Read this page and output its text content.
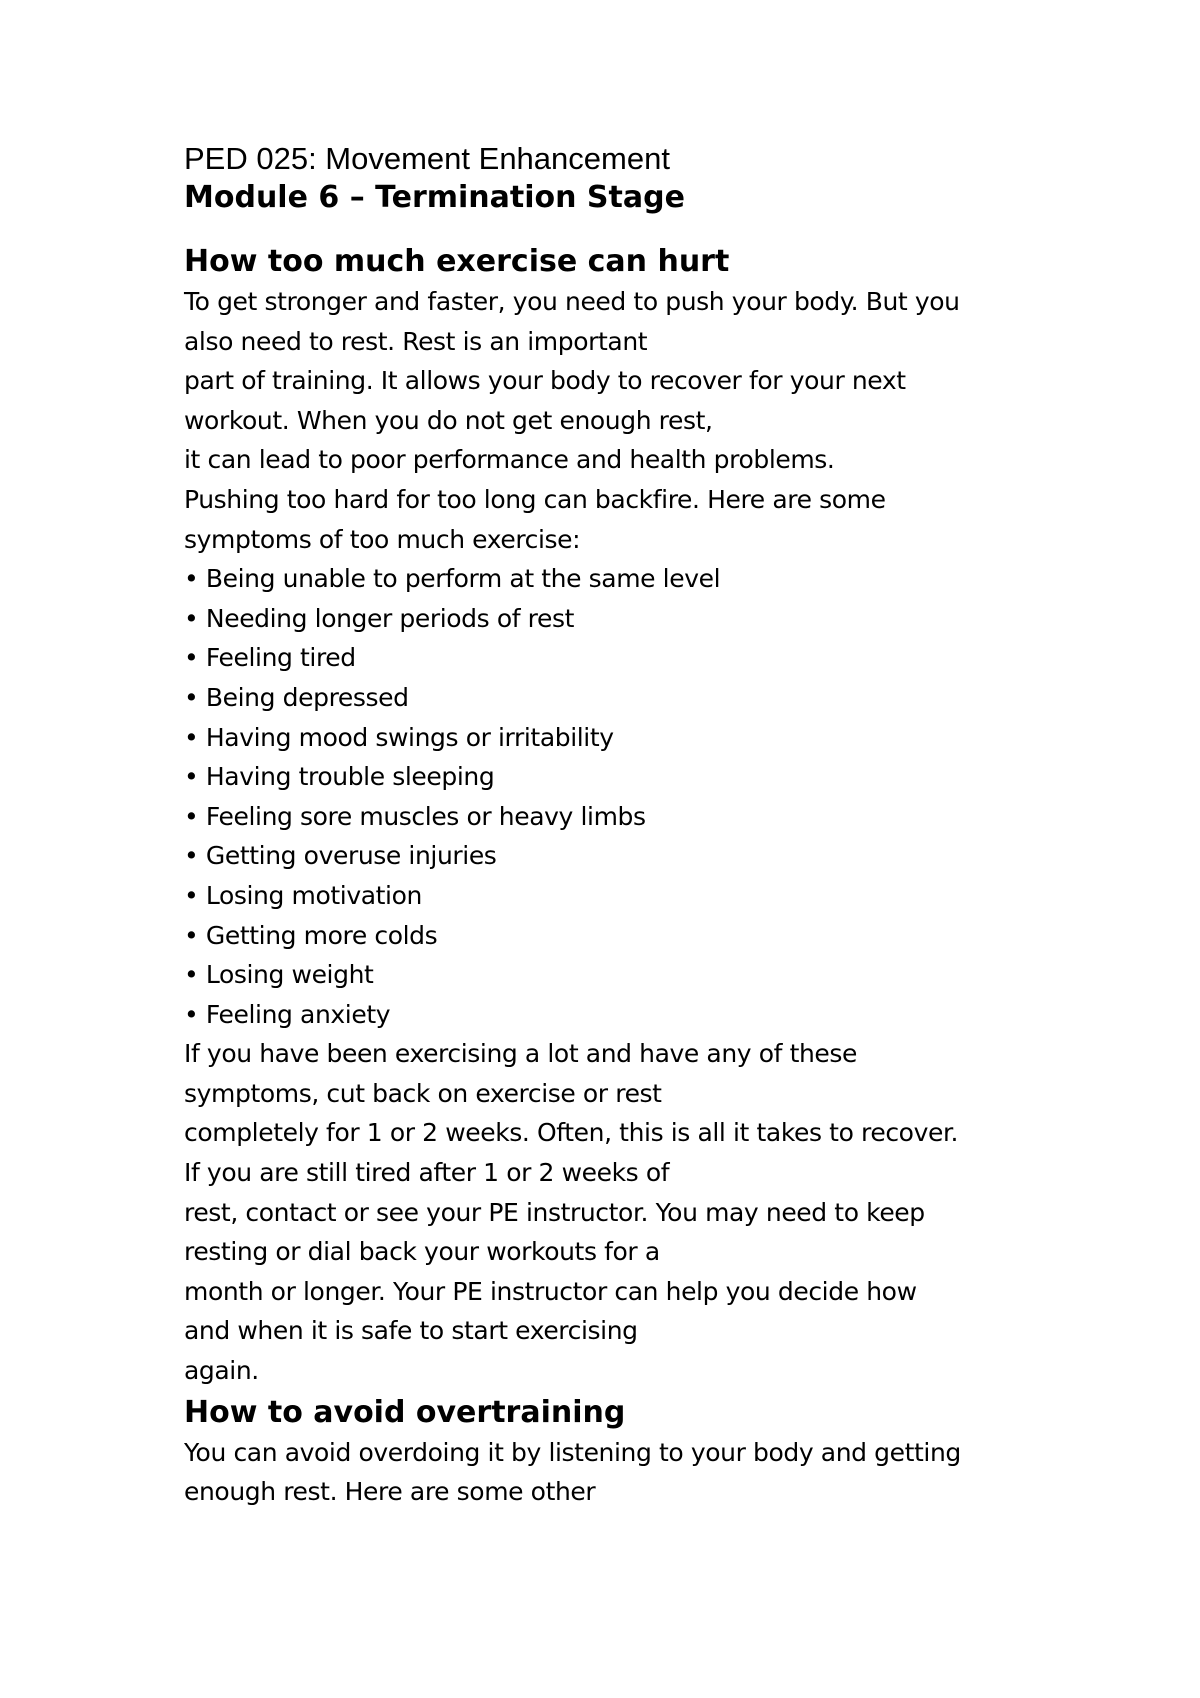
PED 025: Movement Enhancement
Module 6 – Termination Stage
How too much exercise can hurt

To get stronger and faster, you need to push your body. But you

also need to rest. Rest is an important

part of training. It allows your body to recover for your next

workout. When you do not get enough rest,

it can lead to poor performance and health problems.

Pushing too hard for too long can backfire. Here are some

symptoms of too much exercise:

• Being unable to perform at the same level
• Needing longer periods of rest
• Feeling tired
• Being depressed
• Having mood swings or irritability
• Having trouble sleeping
• Feeling sore muscles or heavy limbs
• Getting overuse injuries
• Losing motivation
• Getting more colds
• Losing weight
• Feeling anxiety

If you have been exercising a lot and have any of these

symptoms, cut back on exercise or rest

completely for 1 or 2 weeks. Often, this is all it takes to recover.

If you are still tired after 1 or 2 weeks of

rest, contact or see your PE instructor. You may need to keep

resting or dial back your workouts for a

month or longer. Your PE instructor can help you decide how

and when it is safe to start exercising

again.

How to avoid overtraining

You can avoid overdoing it by listening to your body and getting

enough rest. Here are some other
